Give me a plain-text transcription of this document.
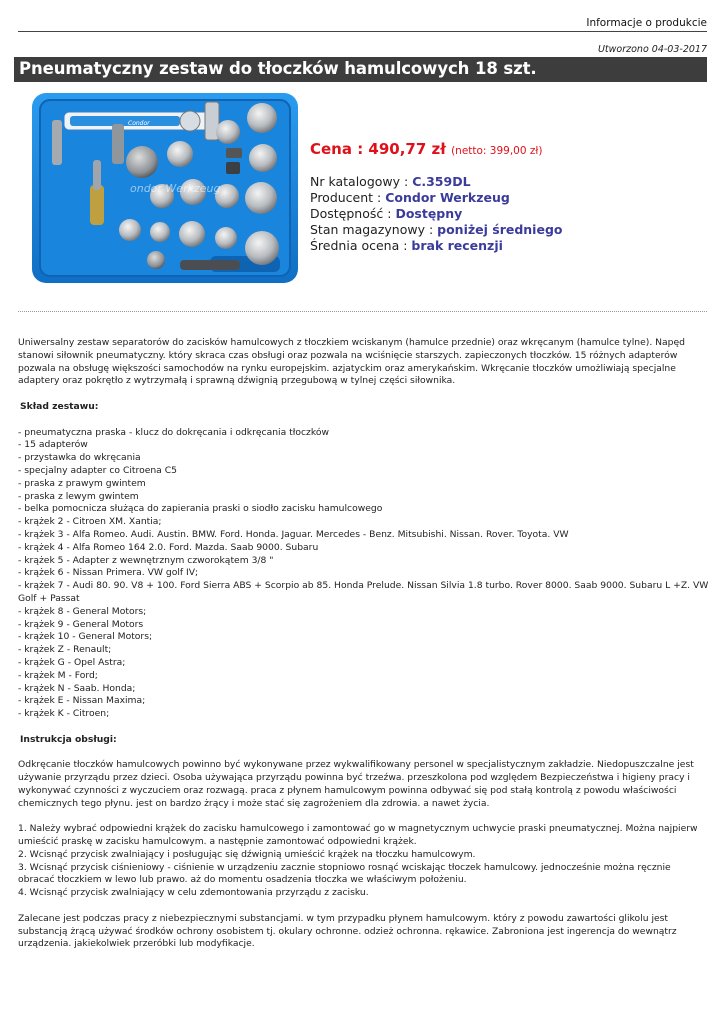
Informacje o produkcie
Utworzono 04-03-2017
Pneumatyczny zestaw do tłoczków hamulcowych 18 szt.
Condor
ondor Werkzeug
Cena : 490,77 zł (netto: 399,00 zł)
Nr katalogowy : C.359DL
Producent : Condor Werkzeug
Dostępność : Dostępny
Stan magazynowy : poniżej średniego
Średnia ocena : brak recenzji

Uniwersalny zestaw separatorów do zacisków hamulcowych z tłoczkiem wciskanym (hamulce przednie) oraz wkręcanym (hamulce tylne). Napęd stanowi siłownik pneumatyczny. który skraca czas obsługi oraz pozwala na wciśnięcie starszych. zapieczonych tłoczków. 15 różnych adapterów pozwala na obsługę większości samochodów na rynku europejskim. azjatyckim oraz amerykańskim. Wkręcanie tłoczków umożliwiają specjalne adaptery oraz pokrętło z wytrzymałą i sprawną dźwignią przegubową w tylnej części siłownika.

Skład zestawu:

- pneumatyczna praska - klucz do dokręcania i odkręcania tłoczków

- 15 adapterów

- przystawka do wkręcania

- specjalny adapter co Citroena C5

- praska z prawym gwintem

- praska z lewym gwintem

- belka pomocnicza służąca do zapierania praski o siodło zacisku hamulcowego

- krążek 2 - Citroen XM. Xantia;

- krążek 3 - Alfa Romeo. Audi. Austin. BMW. Ford. Honda. Jaguar. Mercedes - Benz. Mitsubishi. Nissan. Rover. Toyota. VW

- krążek 4 - Alfa Romeo 164 2.0. Ford. Mazda. Saab 9000. Subaru

- krążek 5 - Adapter z wewnętrznym czworokątem 3/8 "

- krążek 6 - Nissan Primera. VW golf IV;

- krążek 7 - Audi 80. 90. V8 + 100. Ford Sierra ABS + Scorpio ab 85. Honda Prelude. Nissan Silvia 1.8 turbo. Rover 8000. Saab 9000. Subaru L +Z. VW Golf + Passat

- krążek 8 - General Motors;

- krążek 9 - General Motors

- krążek 10 - General Motors;

- krążek Z - Renault;

- krążek G - Opel Astra;

- krążek M - Ford;

- krążek N - Saab. Honda;

- krążek E - Nissan Maxima;

- krążek K - Citroen;

Instrukcja obsługi:

Odkręcanie tłoczków hamulcowych powinno być wykonywane przez wykwalifikowany personel w specjalistycznym zakładzie. Niedopuszczalne jest używanie przyrządu przez dzieci. Osoba używająca przyrządu powinna być trzeźwa. przeszkolona pod względem Bezpieczeństwa i higieny pracy i wykonywać czynności z wyczuciem oraz rozwagą. praca z płynem hamulcowym powinna odbywać się pod stałą kontrolą z powodu właściwości chemicznych tego płynu. jest on bardzo żrący i może stać się zagrożeniem dla zdrowia. a nawet życia.

1. Należy wybrać odpowiedni krążek do zacisku hamulcowego i zamontować go w magnetycznym uchwycie praski pneumatycznej. Można najpierw umieścić praskę w zacisku hamulcowym. a następnie zamontować odpowiedni krążek.

2. Wcisnąć przycisk zwalniający i posługując się dźwignią umieścić krążek na tłoczku hamulcowym.

3. Wcisnąć przycisk ciśnieniowy - ciśnienie w urządzeniu zacznie stopniowo rosnąć wciskając tłoczek hamulcowy. jednocześnie można ręcznie obracać tłoczkiem w lewo lub prawo. aż do momentu osadzenia tłoczka we właściwym położeniu.

4. Wcisnąć przycisk zwalniający w celu zdemontowania przyrządu z zacisku.

Zalecane jest podczas pracy z niebezpiecznymi substancjami. w tym przypadku płynem hamulcowym. który z powodu zawartości glikolu jest substancją żrącą używać środków ochrony osobistem tj. okulary ochronne. odzież ochronna. rękawice. Zabroniona jest ingerencja do wewnątrz urządzenia. jakiekolwiek przeróbki lub modyfikacje.
